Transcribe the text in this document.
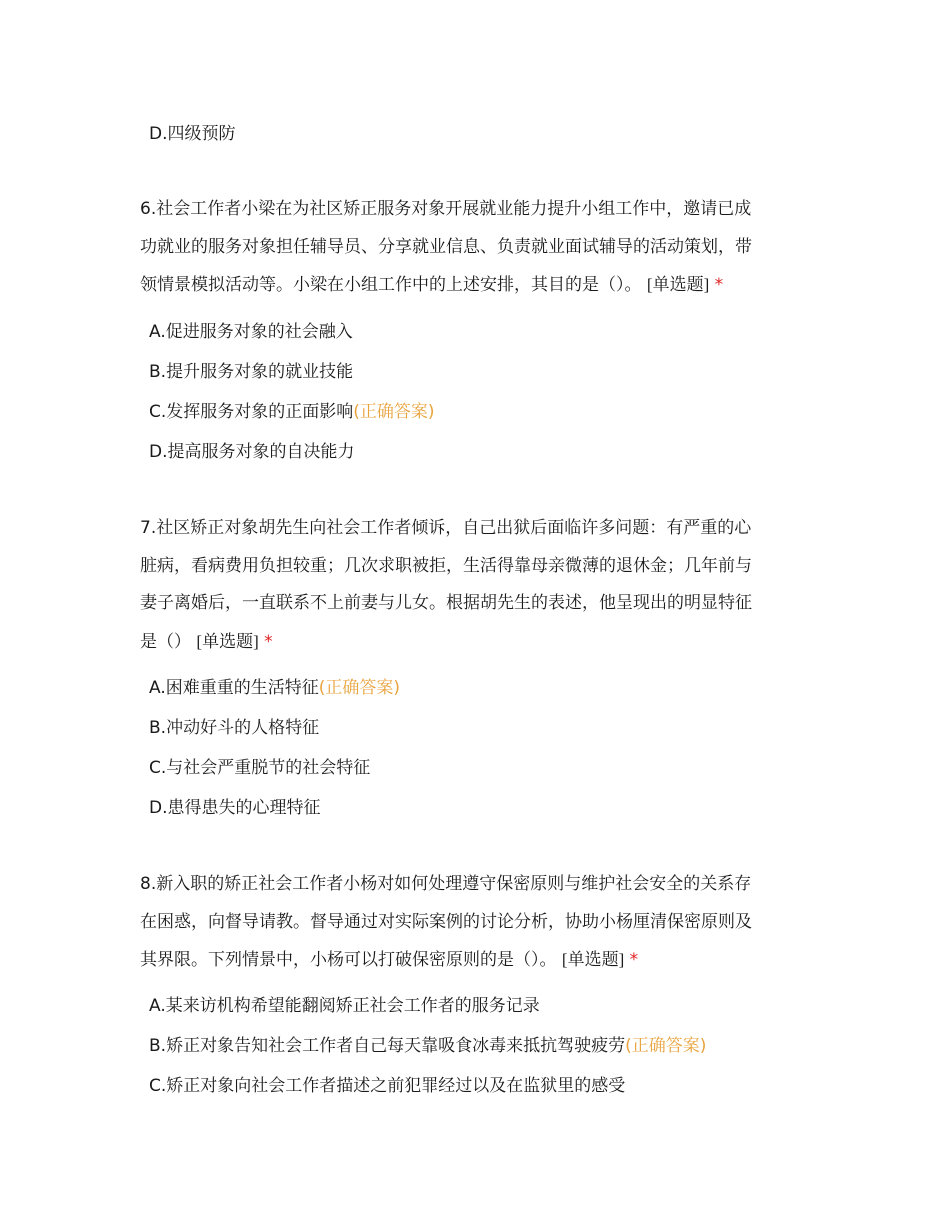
D.四级预防
6.社会工作者小梁在为社区矫正服务对象开展就业能力提升小组工作中，邀请已成
功就业的服务对象担任辅导员、分享就业信息、负责就业面试辅导的活动策划，带
领情景模拟活动等。小梁在小组工作中的上述安排，其目的是（）。 [单选题] *
A.促进服务对象的社会融入
B.提升服务对象的就业技能
C.发挥服务对象的正面影响(正确答案)
D.提高服务对象的自决能力
7.社区矫正对象胡先生向社会工作者倾诉，自己出狱后面临许多问题：有严重的心
脏病，看病费用负担较重；几次求职被拒，生活得靠母亲微薄的退休金；几年前与
妻子离婚后，一直联系不上前妻与儿女。根据胡先生的表述，他呈现出的明显特征
是（） [单选题] *
A.困难重重的生活特征(正确答案)
B.冲动好斗的人格特征
C.与社会严重脱节的社会特征
D.患得患失的心理特征
8.新入职的矫正社会工作者小杨对如何处理遵守保密原则与维护社会安全的关系存
在困惑，向督导请教。督导通过对实际案例的讨论分析，协助小杨厘清保密原则及
其界限。下列情景中，小杨可以打破保密原则的是（）。 [单选题] *
A.某来访机构希望能翻阅矫正社会工作者的服务记录
B.矫正对象告知社会工作者自己每天靠吸食冰毒来抵抗驾驶疲劳(正确答案)
C.矫正对象向社会工作者描述之前犯罪经过以及在监狱里的感受
